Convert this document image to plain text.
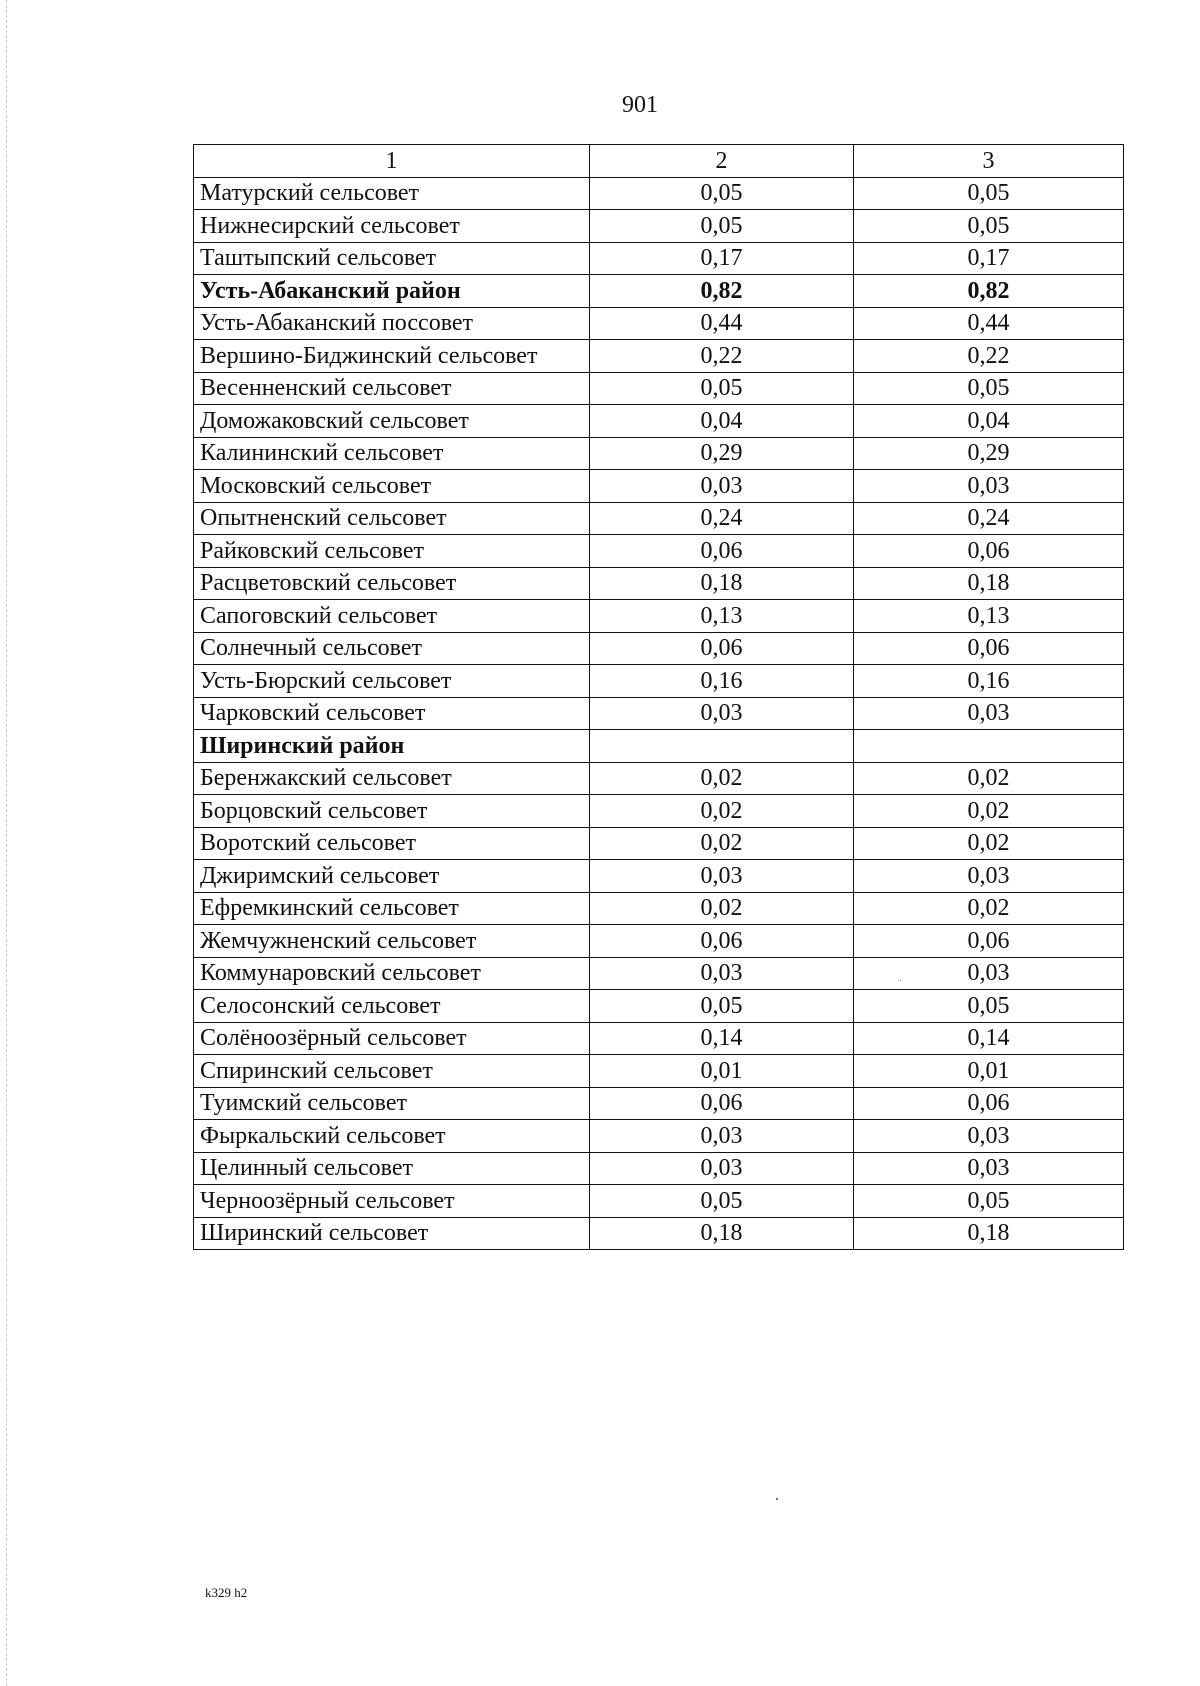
901
1	2	3
Матурский сельсовет	0,05	0,05
Нижнесирский сельсовет	0,05	0,05
Таштыпский сельсовет	0,17	0,17
Усть-Абаканский район	0,82	0,82
Усть-Абаканский поссовет	0,44	0,44
Вершино-Биджинский сельсовет	0,22	0,22
Весенненский сельсовет	0,05	0,05
Доможаковский сельсовет	0,04	0,04
Калининский сельсовет	0,29	0,29
Московский сельсовет	0,03	0,03
Опытненский сельсовет	0,24	0,24
Райковский сельсовет	0,06	0,06
Расцветовский сельсовет	0,18	0,18
Сапоговский сельсовет	0,13	0,13
Солнечный сельсовет	0,06	0,06
Усть-Бюрский сельсовет	0,16	0,16
Чарковский сельсовет	0,03	0,03
Ширинский район		
Беренжакский сельсовет	0,02	0,02
Борцовский сельсовет	0,02	0,02
Воротский сельсовет	0,02	0,02
Джиримский сельсовет	0,03	0,03
Ефремкинский сельсовет	0,02	0,02
Жемчужненский сельсовет	0,06	0,06
Коммунаровский сельсовет	0,03	0,03
Селосонский сельсовет	0,05	0,05
Солёноозёрный сельсовет	0,14	0,14
Спиринский сельсовет	0,01	0,01
Туимский сельсовет	0,06	0,06
Фыркальский сельсовет	0,03	0,03
Целинный сельсовет	0,03	0,03
Черноозёрный сельсовет	0,05	0,05
Ширинский сельсовет	0,18	0,18
k329 h2
